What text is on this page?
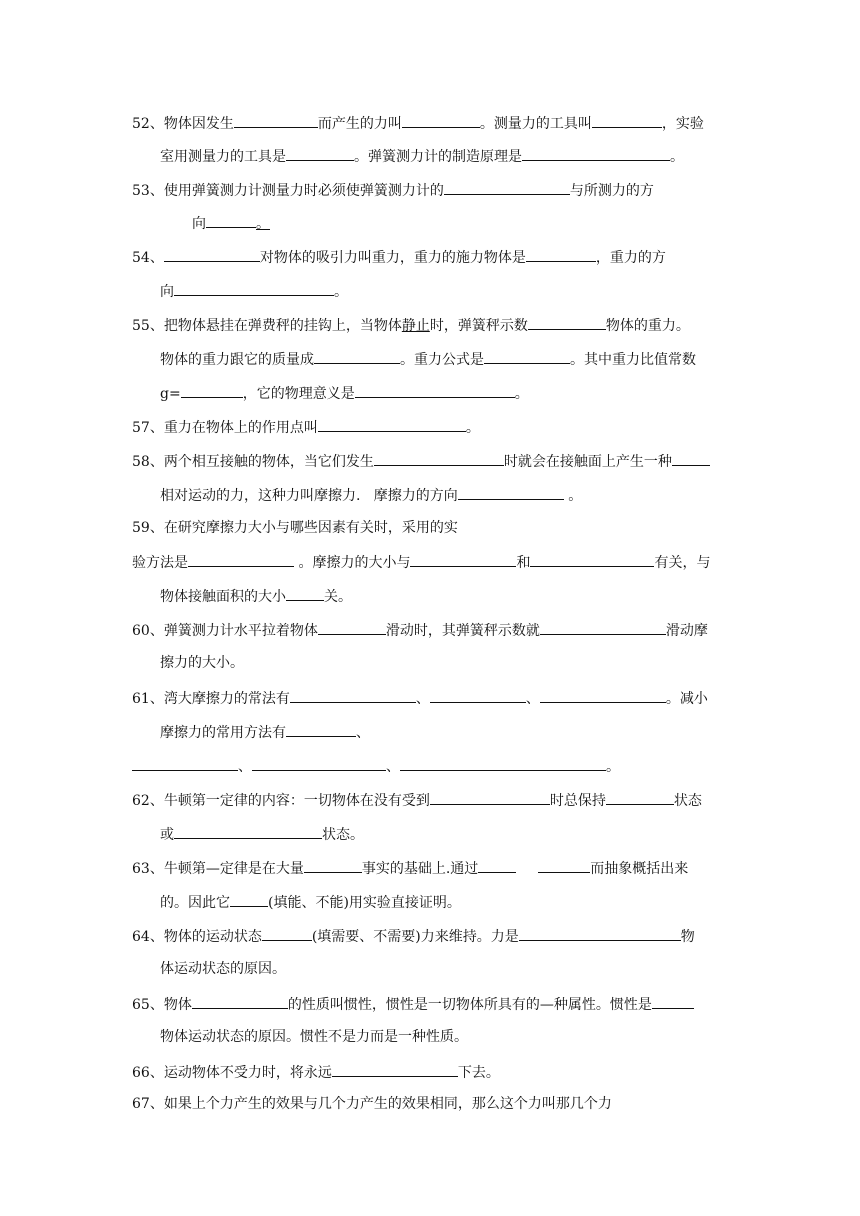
52、物体因发生	而产生的力叫	。测量力的工具叫	，实验

室用测量力的工具是	。弹簧测力计的制造原理是	。

53、使用弹簧测力计测量力时必须使弹簧测力计的	与所测力的方

向	。

54、	对物体的吸引力叫重力，重力的施力物体是	，重力的方

向	。

55、把物体悬挂在弹费秤的挂钩上，当物体静止时，弹簧秤示数	物体的重力。

物体的重力跟它的质量成	。重力公式是	。其中重力比值常数

g=	，它的物理意义是	。

57、重力在物体上的作用点叫	。

58、两个相互接触的物体，当它们发生	时就会在接触面上产生一种

相对运动的力，这种力叫摩擦力.   摩擦力的方向	。

59、在研究摩擦力大小与哪些因素有关时，采用的实

验方法是	。摩擦力的大小与	和	有关，与

物体接触面积的大小	关。

60、弹簧测力计水平拉着物体	滑动时，其弹簧秤示数就	滑动摩

擦力的大小。

61、湾大摩擦力的常法有	、	、	。减小

摩擦力的常用方法有	、

、	、	。

62、牛顿第一定律的内容：一切物体在没有受到	时总保持	状态

或	状态。

63、牛顿第—定律是在大量	事实的基础上.通过	而抽象概括出来

的。因此它	(填能、不能)用实验直接证明。

64、物体的运动状态	(填需要、不需要)力来维持。力是	物

体运动状态的原因。

65、物体	的性质叫惯性，惯性是一切物体所具有的—种属性。惯性是

物体运动状态的原因。惯性不是力而是一种性质。

66、运动物体不受力时，将永远	下去。

67、如果上个力产生的效果与几个力产生的效果相同，那么这个力叫那几个力
